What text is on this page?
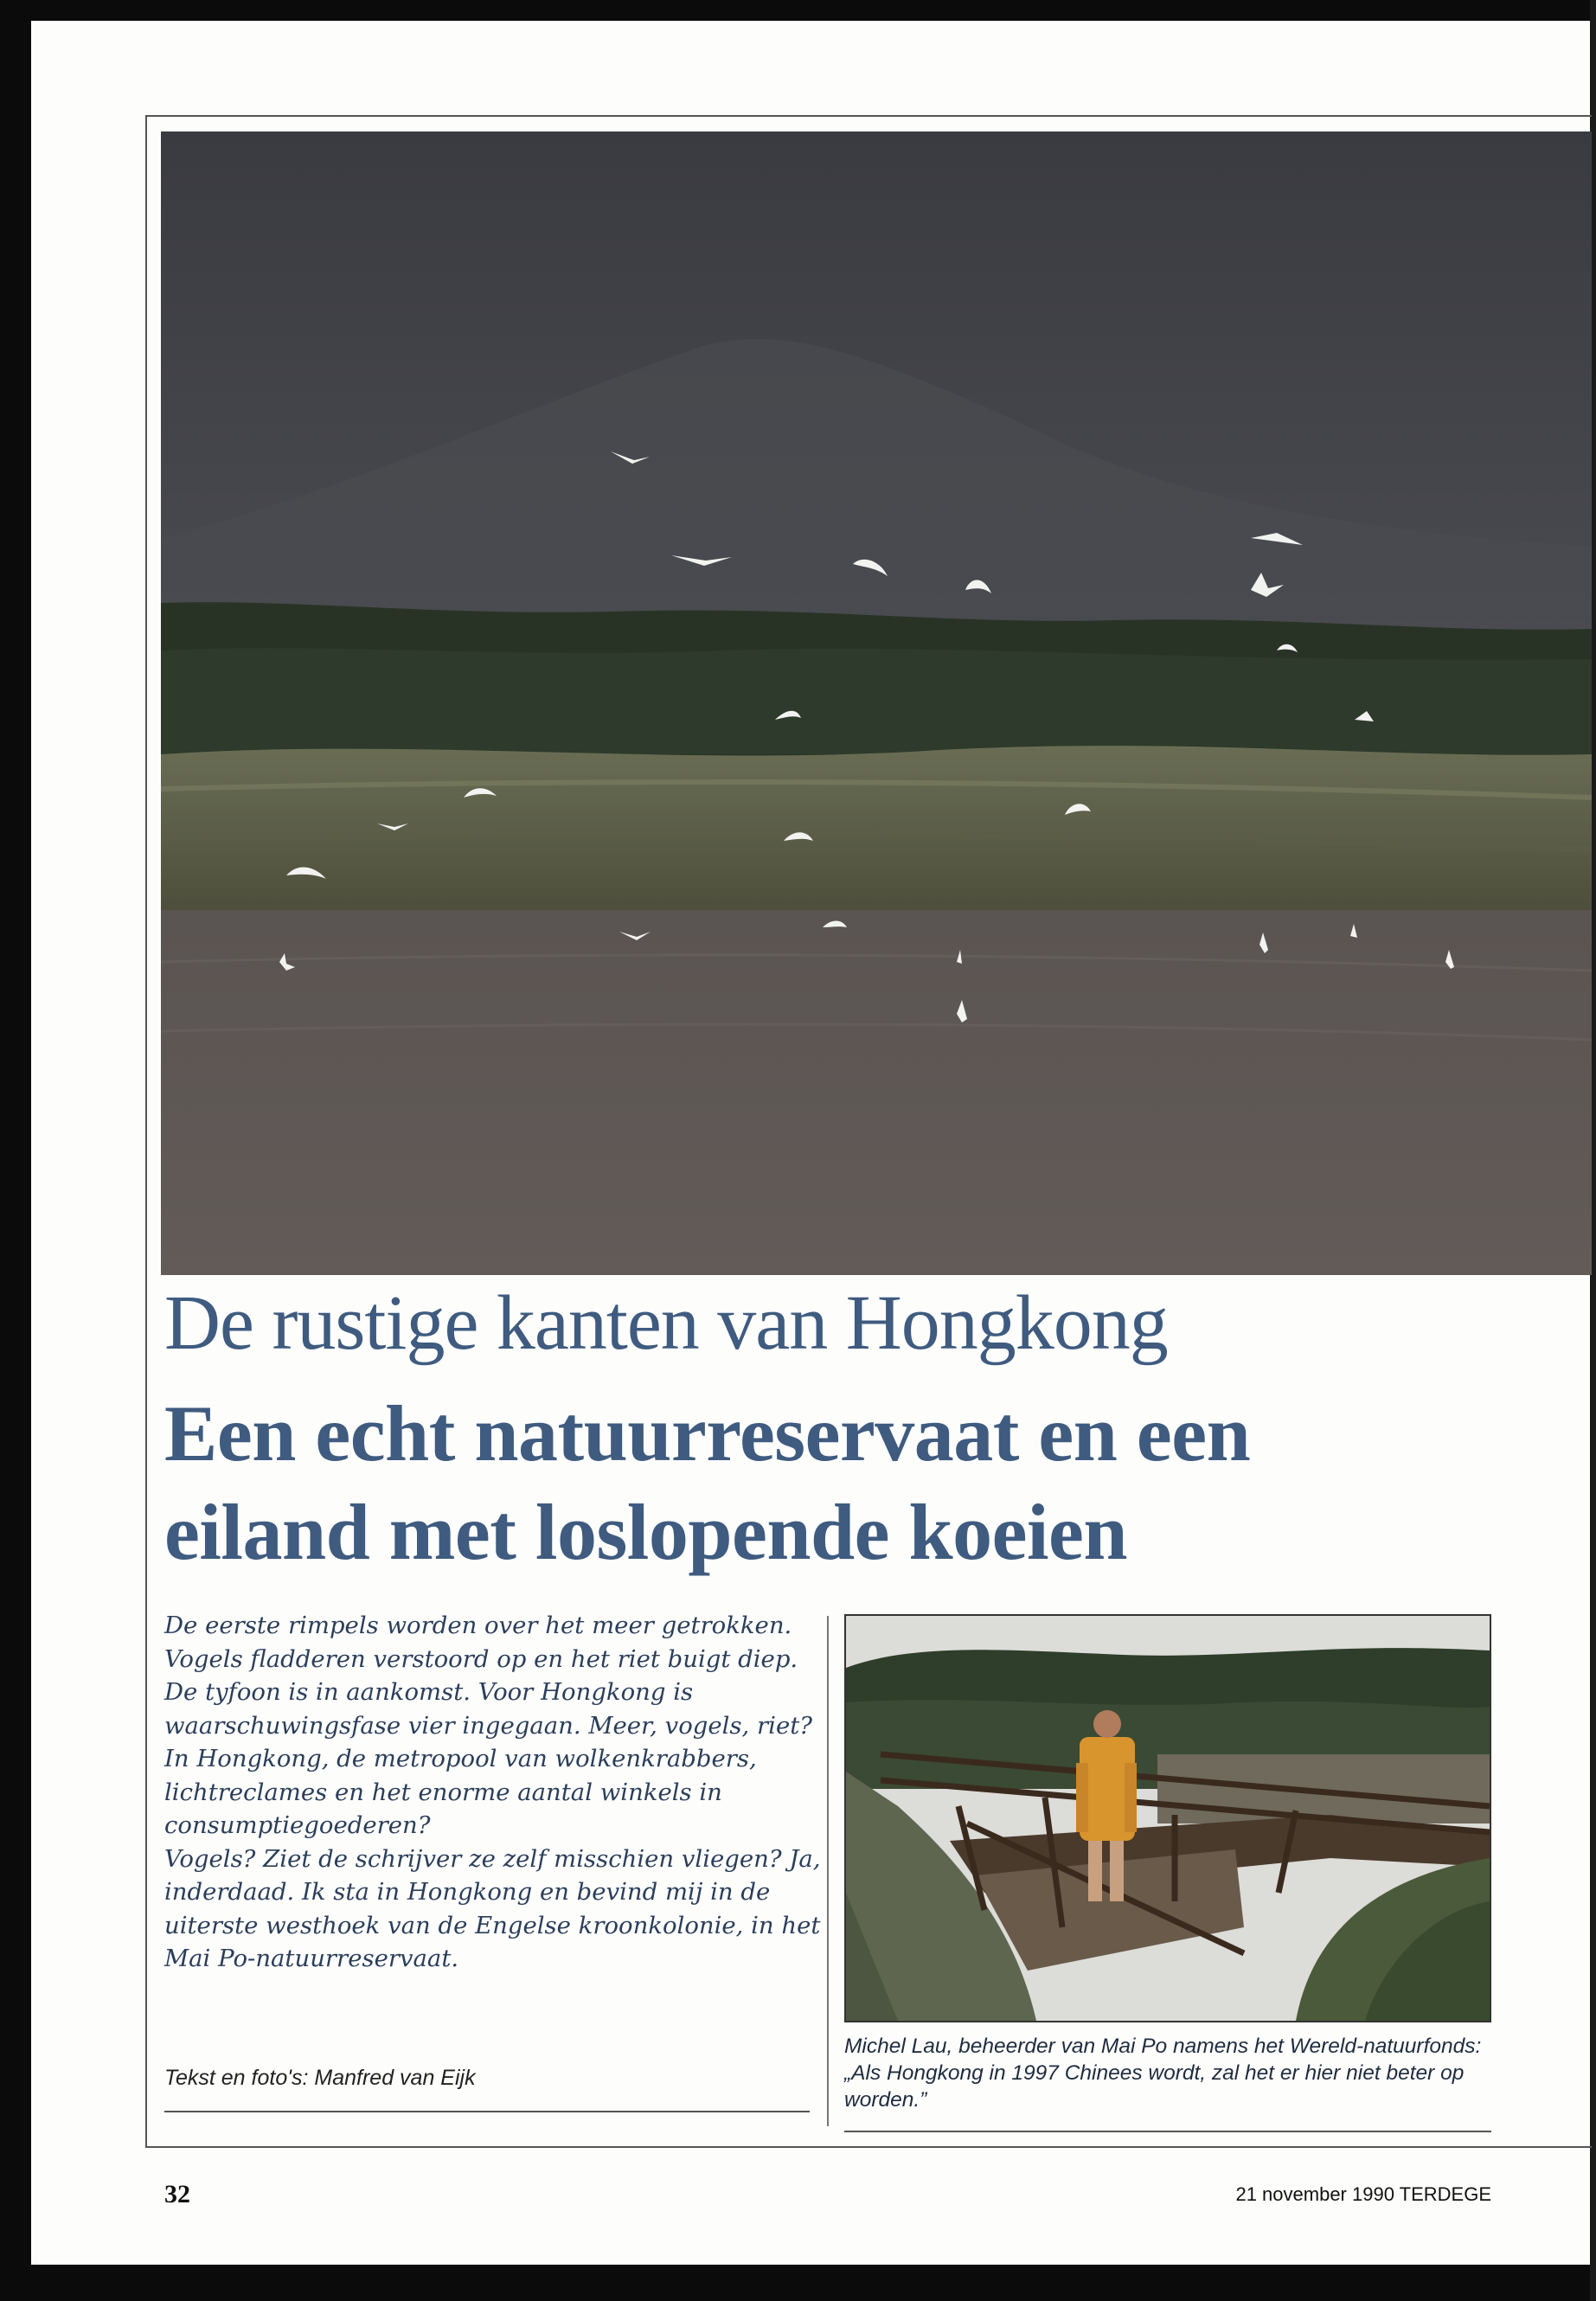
De rustige kanten van Hongkong
Een echt natuurreservaat en een
eiland met loslopende koeien
De eerste rimpels worden over het meer getrokken. Vogels fladderen verstoord op en het riet buigt diep. De tyfoon is in aankomst. Voor Hongkong is waarschuwingsfase vier ingegaan. Meer, vogels, riet? In Hongkong, de metropool van wolkenkrabbers, lichtreclames en het enorme aantal winkels in consumptiegoederen?
Vogels? Ziet de schrijver ze zelf misschien vliegen? Ja, inderdaad. Ik sta in Hongkong en bevind mij in de uiterste westhoek van de Engelse kroonkolonie, in het Mai Po-natuurreservaat.
Tekst en foto's: Manfred van Eijk
Michel Lau, beheerder van Mai Po namens het Wereld-natuurfonds: „Als Hongkong in 1997 Chinees wordt, zal het er hier niet beter op worden.”
32	21 november 1990 TERDEGE
